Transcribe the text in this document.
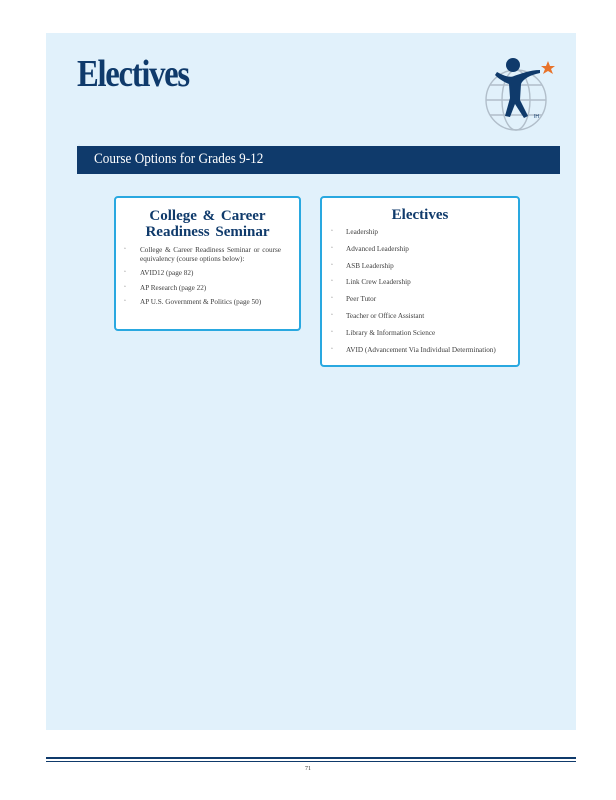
Electives
IH
Course Options for Grades 9-12

College & Career
Readiness Seminar

▫ College & Career Readiness Seminar or course equivalency (course options below):
▫ AVID12 (page 82)
▫ AP Research (page 22)
▫ AP U.S. Government & Politics (page 50)

Electives

▫ Leadership
▫ Advanced Leadership
▫ ASB Leadership
▫ Link Crew Leadership
▫ Peer Tutor
▫ Teacher or Office Assistant
▫ Library & Information Science
▫ AVID (Advancement Via Individual Determination)
71
